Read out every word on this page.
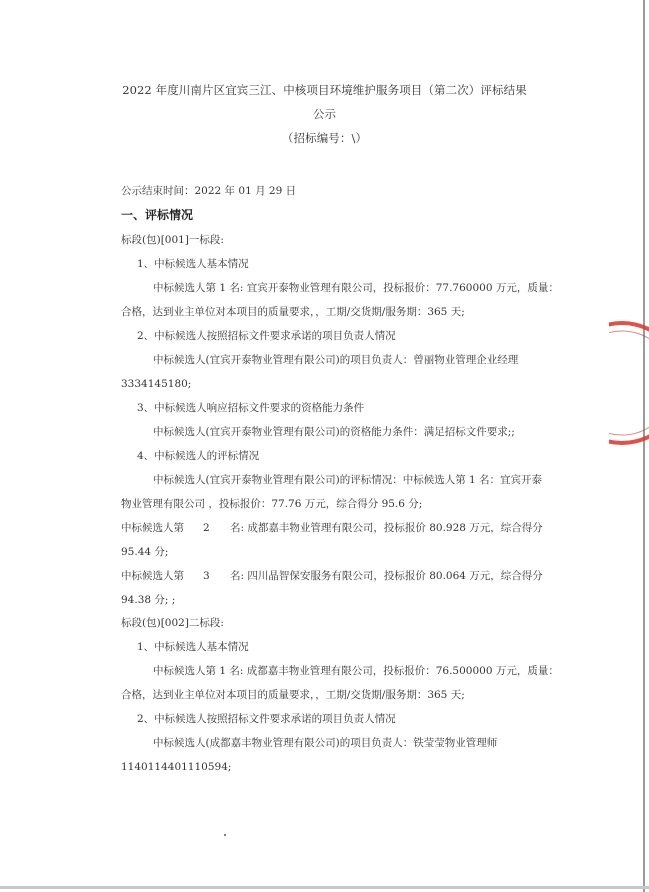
2022 年度川南片区宜宾三江、中核项目环境维护服务项目（第二次）评标结果
公示
（招标编号：\）
公示结束时间：2022 年 01 月 29 日
一、评标情况
标段(包)[001]一标段:
1、中标候选人基本情况
中标候选人第 1 名: 宜宾开泰物业管理有限公司，投标报价：77.760000 万元，质量：
合格，达到业主单位对本项目的质量要求，，工期/交货期/服务期：365 天;
2、中标候选人按照招标文件要求承诺的项目负责人情况
中标候选人(宜宾开泰物业管理有限公司)的项目负责人：曾丽物业管理企业经理
3334145180;
3、中标候选人响应招标文件要求的资格能力条件
中标候选人(宜宾开泰物业管理有限公司)的资格能力条件：满足招标文件要求;;
4、中标候选人的评标情况
中标候选人(宜宾开泰物业管理有限公司)的评标情况：中标候选人第 1 名：宜宾开泰
物业管理有限公司 ，投标报价：77.76 万元，综合得分 95.6 分;
中标候选人第 2 名: 成都嘉丰物业管理有限公司，投标报价 80.928 万元，综合得分
95.44 分;
中标候选人第 3 名: 四川晶智保安服务有限公司，投标报价 80.064 万元，综合得分
94.38 分; ;
标段(包)[002]二标段:
1、中标候选人基本情况
中标候选人第 1 名: 成都嘉丰物业管理有限公司，投标报价：76.500000 万元，质量：
合格，达到业主单位对本项目的质量要求，，工期/交货期/服务期：365 天;
2、中标候选人按照招标文件要求承诺的项目负责人情况
中标候选人(成都嘉丰物业管理有限公司)的项目负责人：铁莹莹物业管理师
1140114401110594;
川南
